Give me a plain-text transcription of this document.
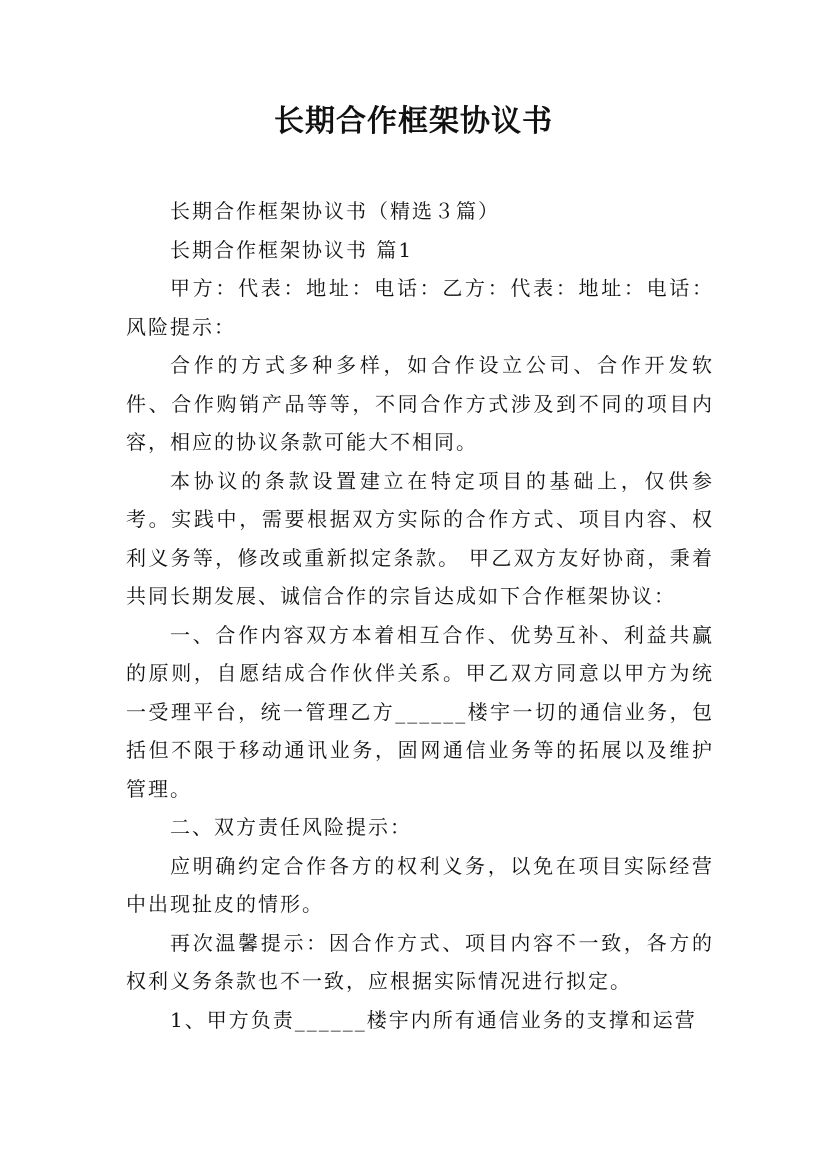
长期合作框架协议书

长期合作框架协议书（精选３篇）

长期合作框架协议书 篇1

甲方：代表：地址：电话：乙方：代表：地址：电话：风险提示：

合作的方式多种多样，如合作设立公司、合作开发软件、合作购销产品等等，不同合作方式涉及到不同的项目内容，相应的协议条款可能大不相同。

本协议的条款设置建立在特定项目的基础上，仅供参考。实践中，需要根据双方实际的合作方式、项目内容、权利义务等，修改或重新拟定条款。 甲乙双方友好协商，秉着共同长期发展、诚信合作的宗旨达成如下合作框架协议：

一、合作内容双方本着相互合作、优势互补、利益共赢的原则，自愿结成合作伙伴关系。甲乙双方同意以甲方为统一受理平台，统一管理乙方______楼宇一切的通信业务，包括但不限于移动通讯业务，固网通信业务等的拓展以及维护管理。

二、双方责任风险提示：

应明确约定合作各方的权利义务，以免在项目实际经营中出现扯皮的情形。

再次温馨提示：因合作方式、项目内容不一致，各方的权利义务条款也不一致，应根据实际情况进行拟定。

1、甲方负责______楼宇内所有通信业务的支撑和运营
